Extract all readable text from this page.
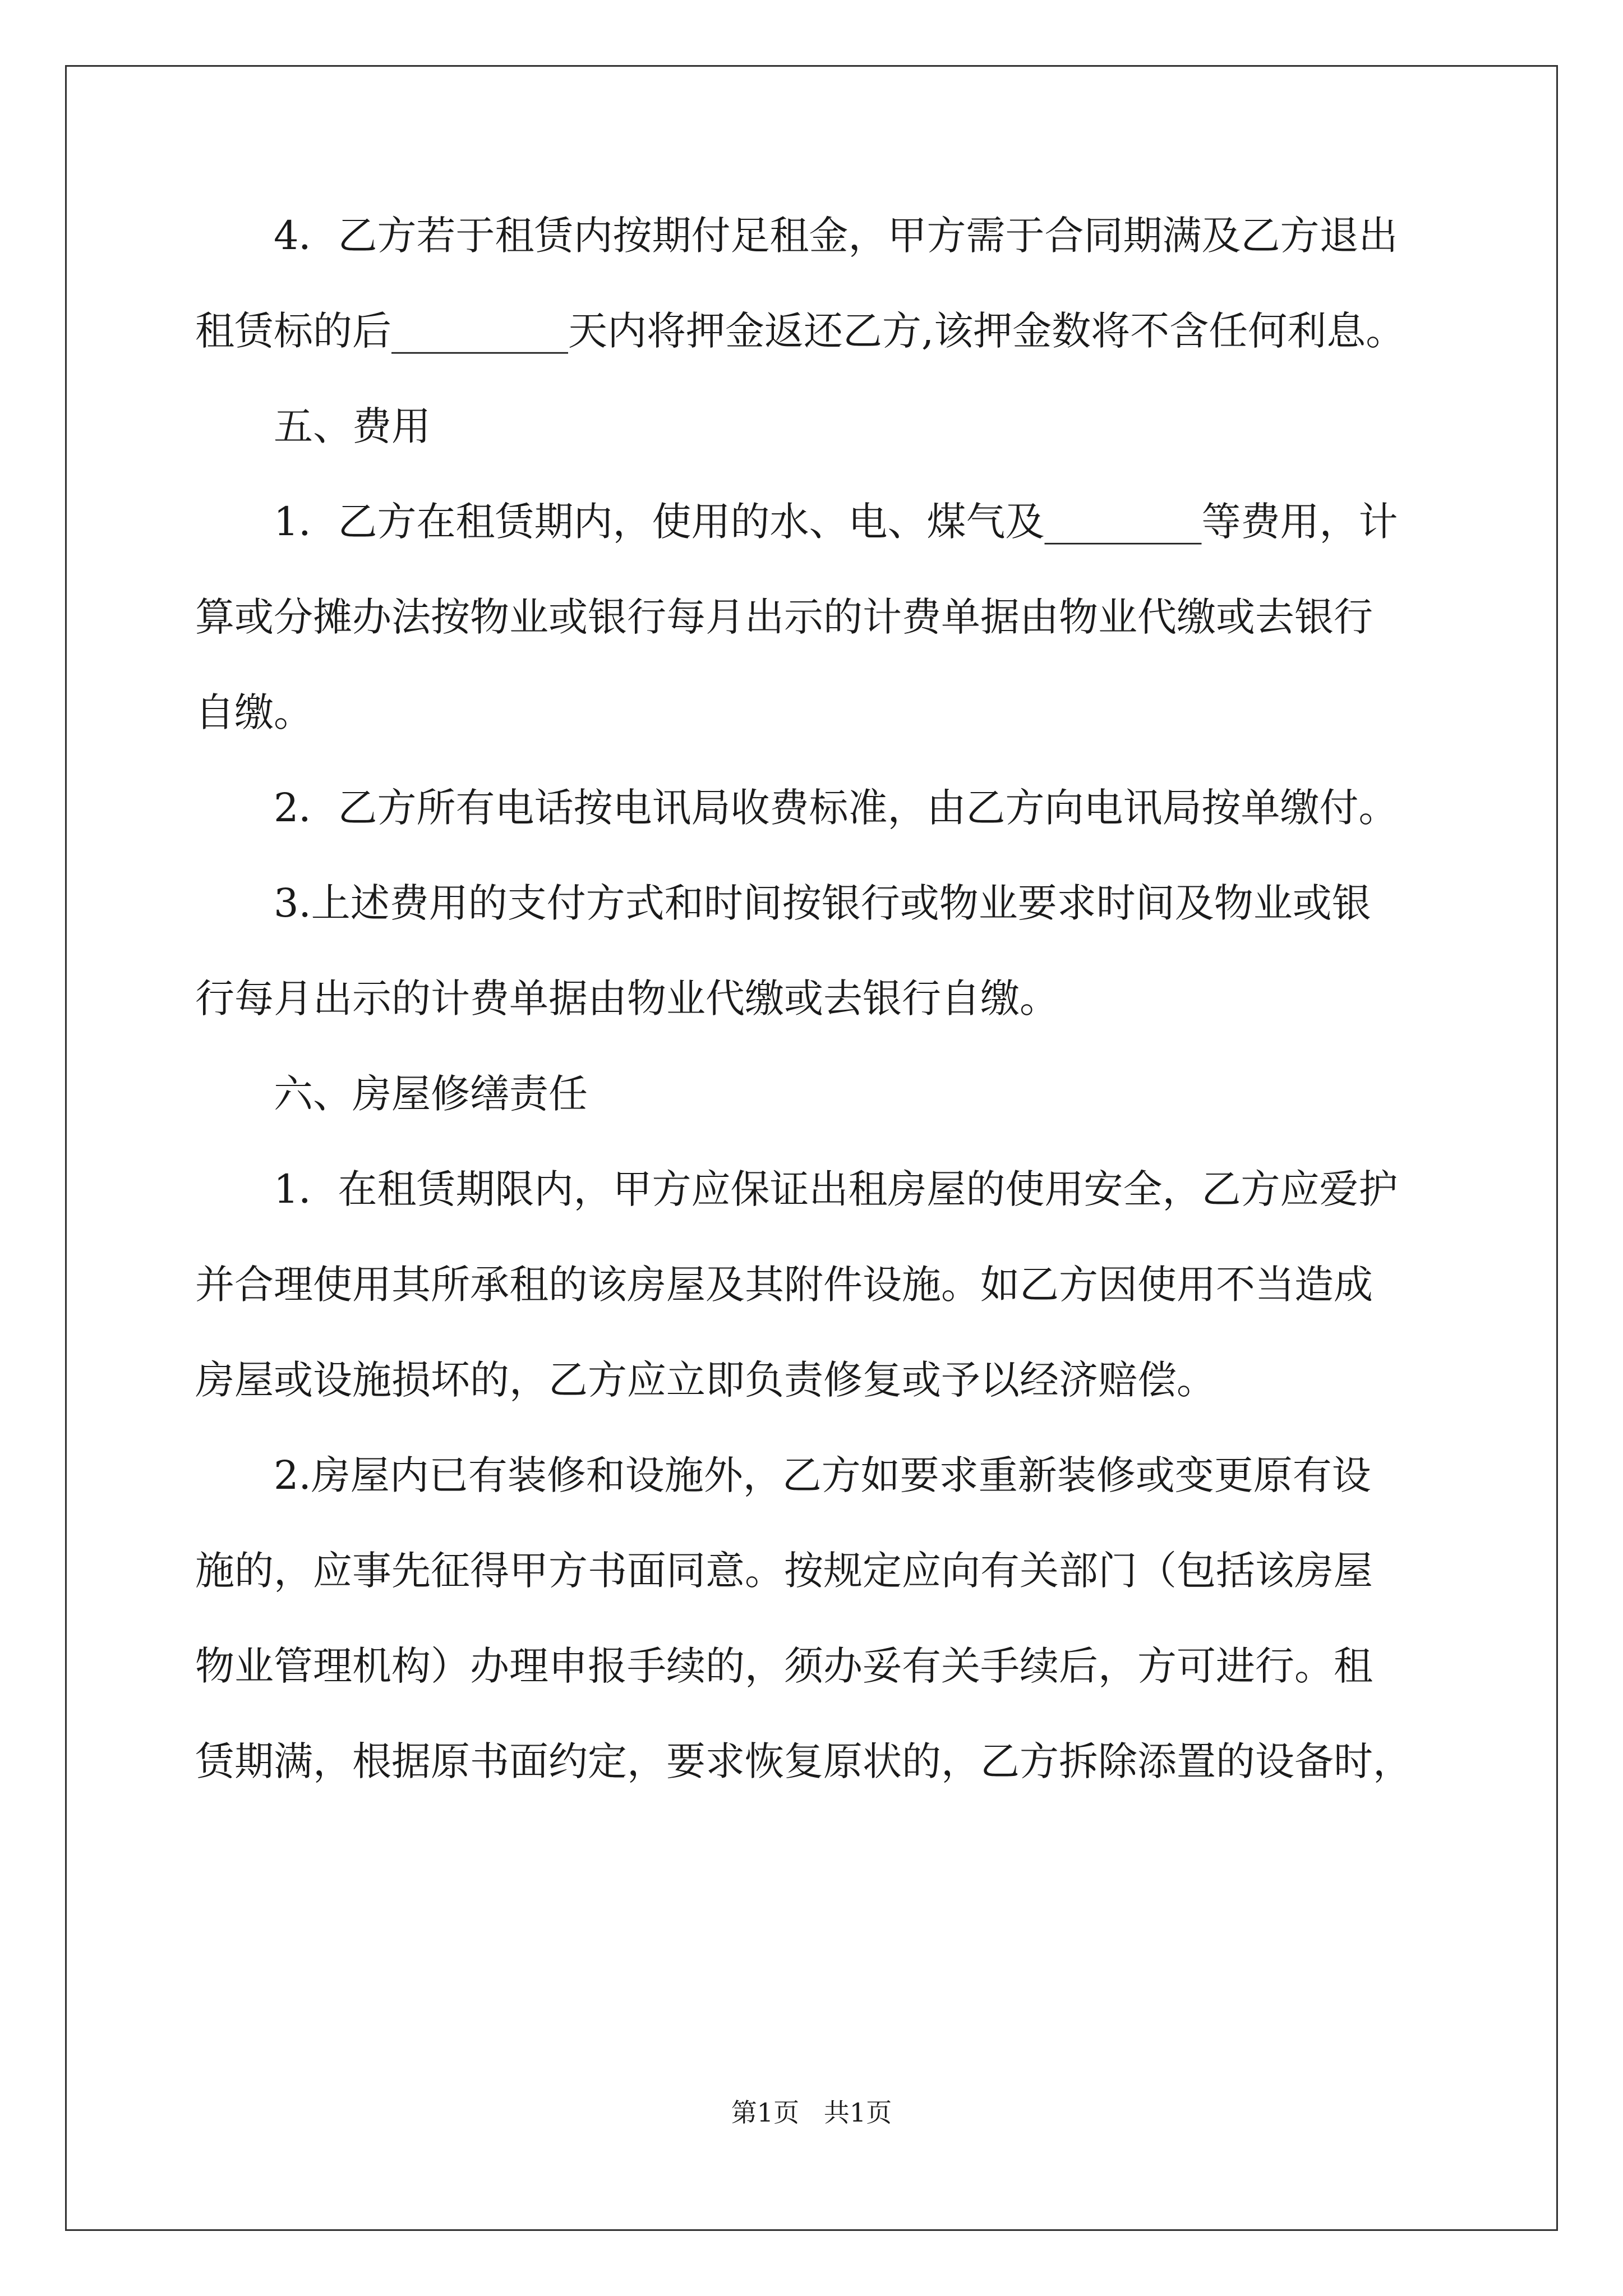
4．乙方若于租赁内按期付足租金，甲方需于合同期满及乙方退出
租赁标的后_________天内将押金返还乙方,该押金数将不含任何利息。
五、费用
1．乙方在租赁期内，使用的水、电、煤气及________等费用，计
算或分摊办法按物业或银行每月出示的计费单据由物业代缴或去银行
自缴。
2．乙方所有电话按电讯局收费标准，由乙方向电讯局按单缴付。
3.上述费用的支付方式和时间按银行或物业要求时间及物业或银
行每月出示的计费单据由物业代缴或去银行自缴。
六、房屋修缮责任
1．在租赁期限内，甲方应保证出租房屋的使用安全，乙方应爱护
并合理使用其所承租的该房屋及其附件设施。如乙方因使用不当造成
房屋或设施损坏的，乙方应立即负责修复或予以经济赔偿。
2.房屋内已有装修和设施外，乙方如要求重新装修或变更原有设
施的，应事先征得甲方书面同意。按规定应向有关部门（包括该房屋
物业管理机构）办理申报手续的，须办妥有关手续后，方可进行。租
赁期满，根据原书面约定，要求恢复原状的，乙方拆除添置的设备时，
第1页   共1页
